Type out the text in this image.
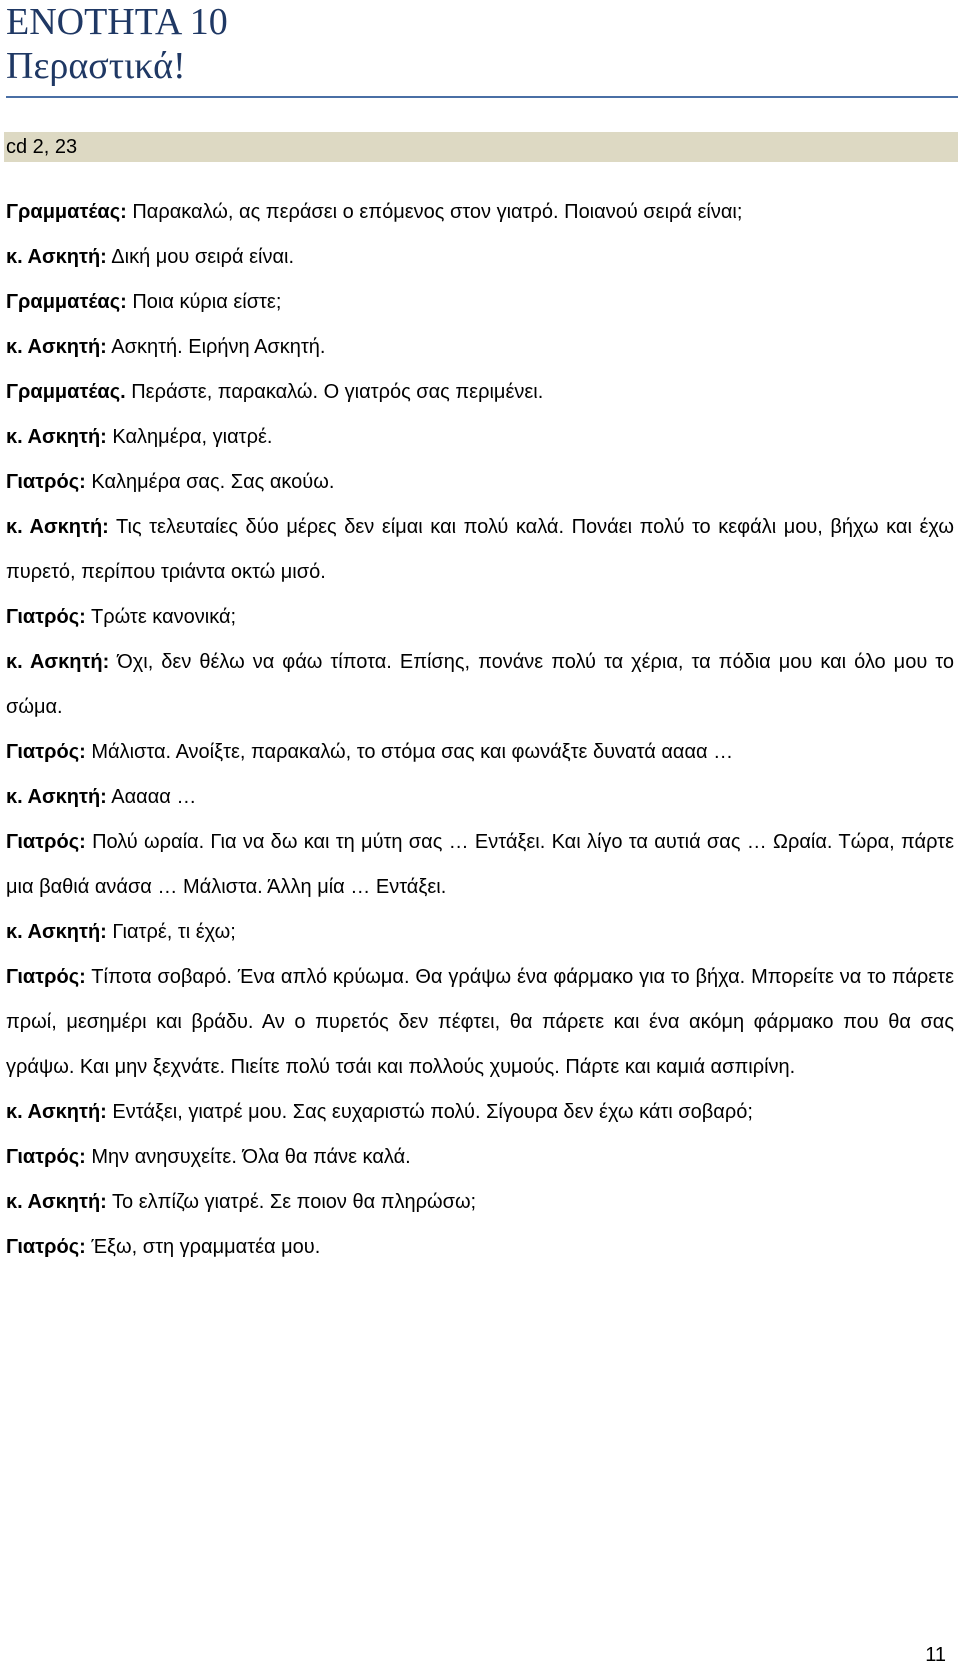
ΕΝΟΤΗΤΑ 10
Περαστικά!
cd 2, 23

Γραμματέας: Παρακαλώ, ας περάσει ο επόμενος στον γιατρό. Ποιανού σειρά είναι;

κ. Ασκητή: Δική μου σειρά είναι.

Γραμματέας: Ποια κύρια είστε;

κ. Ασκητή: Ασκητή. Ειρήνη Ασκητή.

Γραμματέας. Περάστε, παρακαλώ. Ο γιατρός σας περιμένει.

κ. Ασκητή: Καλημέρα, γιατρέ.

Γιατρός: Καλημέρα σας. Σας ακούω.

κ. Ασκητή: Τις τελευταίες δύο μέρες δεν είμαι και πολύ καλά. Πονάει πολύ το κεφάλι μου, βήχω και έχω πυρετό, περίπου τριάντα οκτώ μισό.

Γιατρός: Τρώτε κανονικά;

κ. Ασκητή: Όχι, δεν θέλω να φάω τίποτα. Επίσης, πονάνε πολύ τα χέρια, τα πόδια μου και όλο μου το σώμα.

Γιατρός: Μάλιστα. Ανοίξτε, παρακαλώ, το στόμα σας και φωνάξτε δυνατά αααα …

κ. Ασκητή: Ααααα …

Γιατρός: Πολύ ωραία. Για να δω και τη μύτη σας … Εντάξει. Και λίγο τα αυτιά σας … Ωραία. Τώρα, πάρτε μια βαθιά ανάσα … Μάλιστα. Άλλη μία … Εντάξει.

κ. Ασκητή: Γιατρέ, τι έχω;

Γιατρός: Τίποτα σοβαρό. Ένα απλό κρύωμα. Θα γράψω ένα φάρμακο για το βήχα. Μπορείτε να το πάρετε πρωί, μεσημέρι και βράδυ. Αν ο πυρετός δεν πέφτει, θα πάρετε και ένα ακόμη φάρμακο που θα σας γράψω. Και μην ξεχνάτε. Πιείτε πολύ τσάι και πολλούς χυμούς. Πάρτε και καμιά ασπιρίνη.

κ. Ασκητή: Εντάξει, γιατρέ μου. Σας ευχαριστώ πολύ. Σίγουρα δεν έχω κάτι σοβαρό;

Γιατρός: Μην ανησυχείτε. Όλα θα πάνε καλά.

κ. Ασκητή: Το ελπίζω γιατρέ. Σε ποιον θα πληρώσω;

Γιατρός: Έξω, στη γραμματέα μου.

11
